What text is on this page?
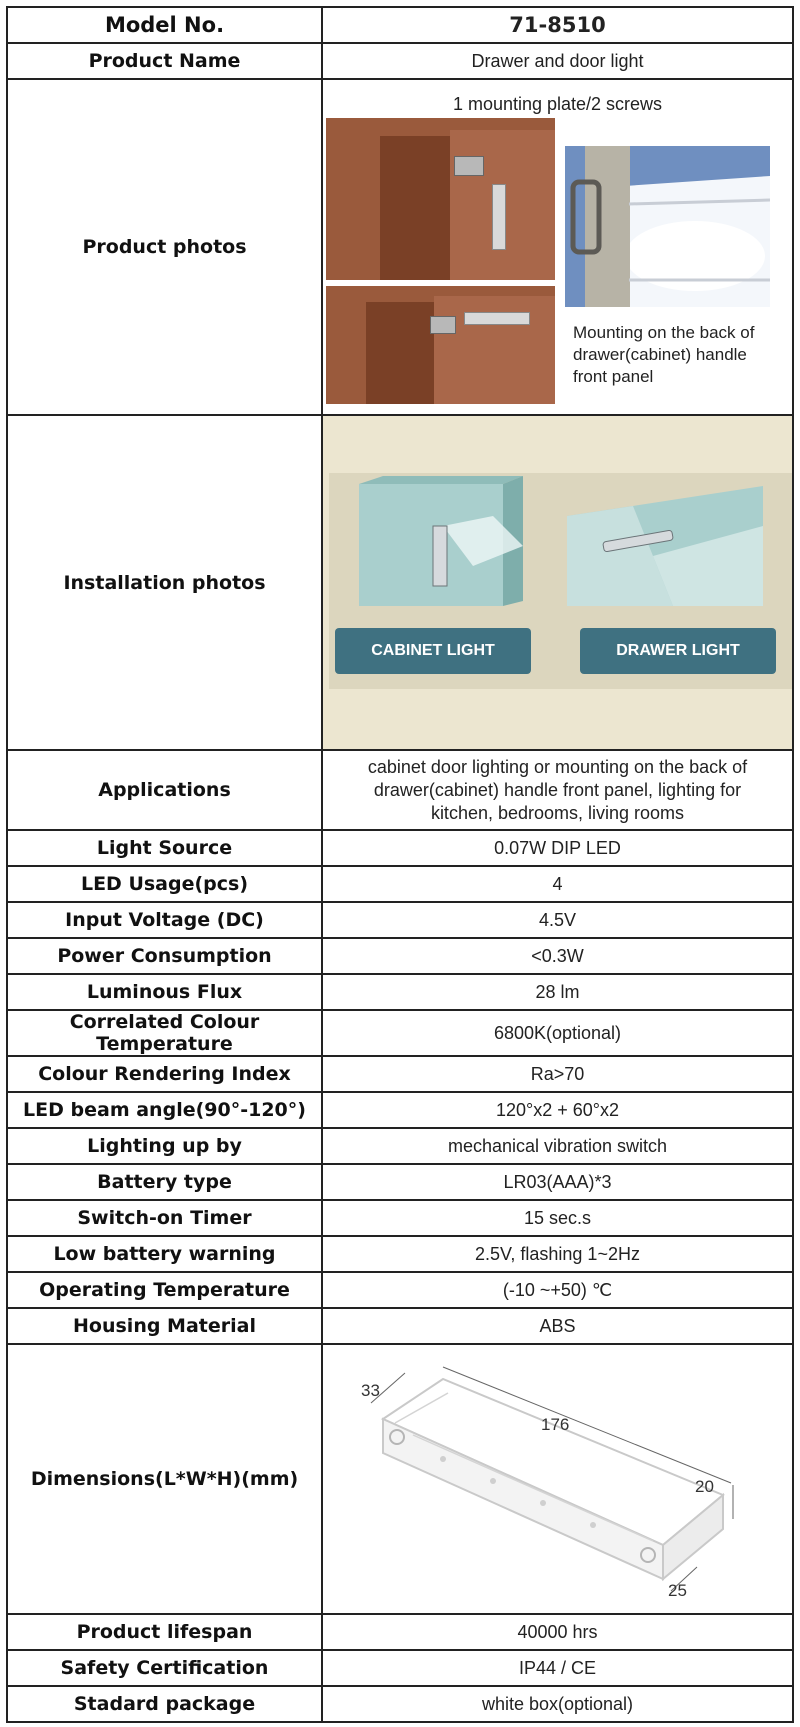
Model No.	71-8510
Product Name	Drawer and door light
Product photos	1 mounting plate/2 screws
Mounting on the back of drawer(cabinet) handle front panel

Installation photos	CABINET LIGHT DRAWER LIGHT

Applications	cabinet door lighting or mounting on the back of drawer(cabinet) handle front panel, lighting for kitchen, bedrooms, living rooms

Light Source	0.07W DIP LED
LED Usage(pcs)	4
Input Voltage (DC)	4.5V
Power Consumption	<0.3W
Luminous Flux	28 lm
Correlated Colour Temperature	6800K(optional)
Colour Rendering Index	Ra>70
LED beam angle(90°-120°)	120°x2 + 60°x2
Lighting up by	mechanical vibration switch
Battery type	LR03(AAA)*3
Switch-on Timer	15 sec.s
Low battery warning	2.5V, flashing 1~2Hz
Operating Temperature	(-10 ~+50) ℃
Housing Material	ABS
Dimensions(L*W*H)(mm)	33
176
20
25

Product lifespan	40000 hrs
Safety Certification	IP44 / CE
Stadard package	white box(optional)
